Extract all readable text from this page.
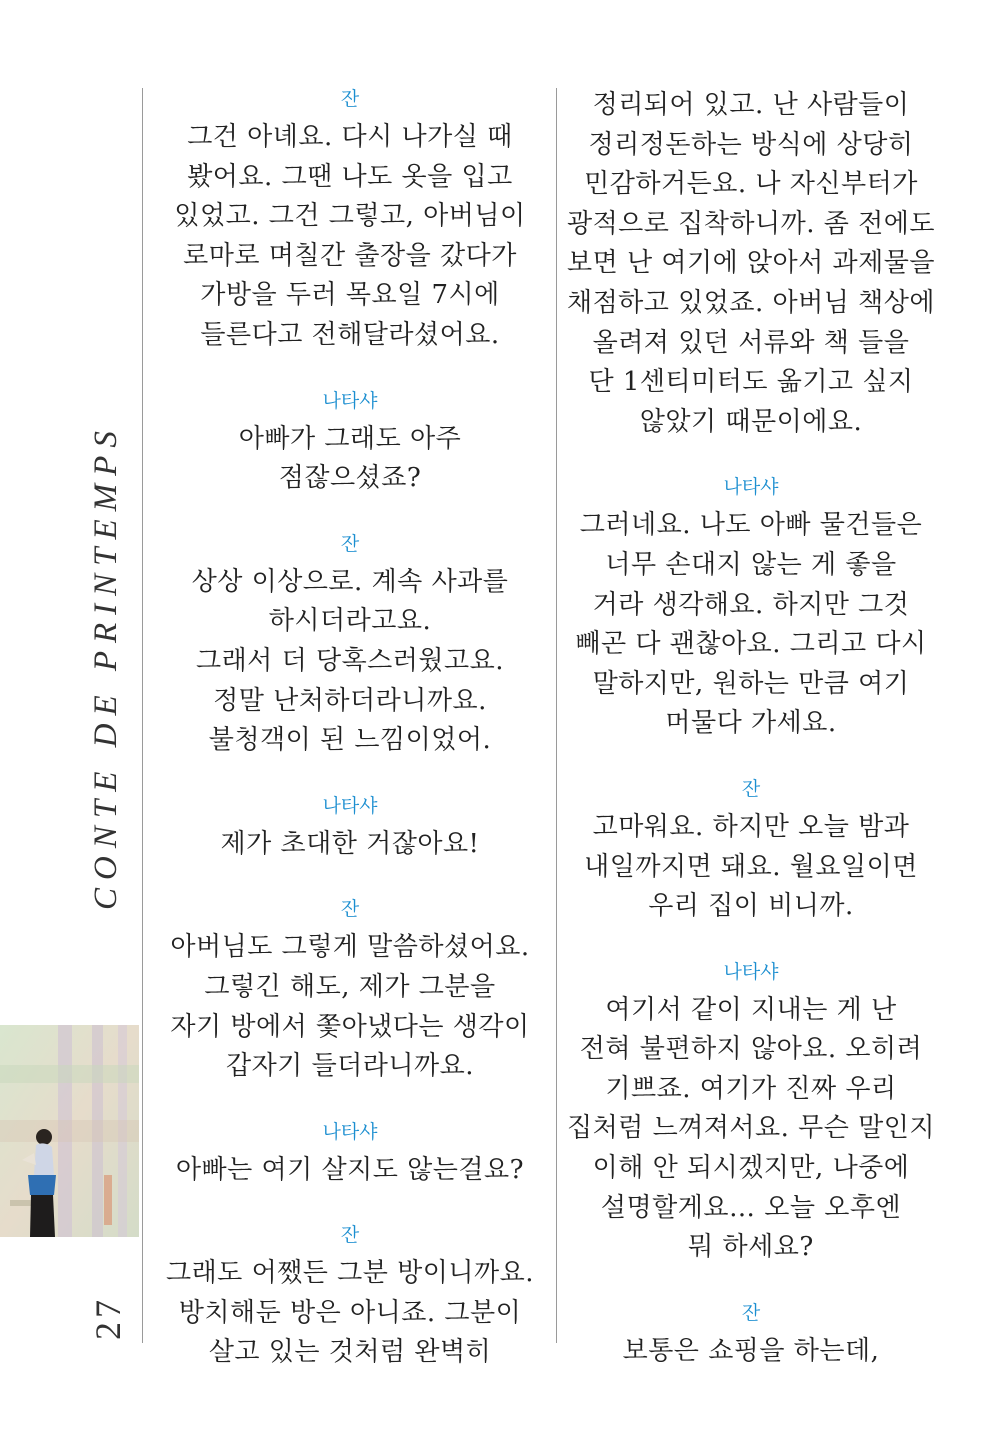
CONTE DE PRINTEMPS
27
잔
그건 아녜요. 다시 나가실 때
봤어요. 그땐 나도 옷을 입고
있었고. 그건 그렇고, 아버님이
로마로 며칠간 출장을 갔다가
가방을 두러 목요일 7시에
들른다고 전해달라셨어요.
나타샤
아빠가 그래도 아주
점잖으셨죠?
잔
상상 이상으로. 계속 사과를
하시더라고요.
그래서 더 당혹스러웠고요.
정말 난처하더라니까요.
불청객이 된 느낌이었어.
나타샤
제가 초대한 거잖아요!
잔
아버님도 그렇게 말씀하셨어요.
그렇긴 해도, 제가 그분을
자기 방에서 쫓아냈다는 생각이
갑자기 들더라니까요.
나타샤
아빠는 여기 살지도 않는걸요?
잔
그래도 어쨌든 그분 방이니까요.
방치해둔 방은 아니죠. 그분이
살고 있는 것처럼 완벽히
정리되어 있고. 난 사람들이
정리정돈하는 방식에 상당히
민감하거든요. 나 자신부터가
광적으로 집착하니까. 좀 전에도
보면 난 여기에 앉아서 과제물을
채점하고 있었죠. 아버님 책상에
올려져 있던 서류와 책 들을
단 1센티미터도 옮기고 싶지
않았기 때문이에요.
나타샤
그러네요. 나도 아빠 물건들은
너무 손대지 않는 게 좋을
거라 생각해요. 하지만 그것
빼곤 다 괜찮아요. 그리고 다시
말하지만, 원하는 만큼 여기
머물다 가세요.
잔
고마워요. 하지만 오늘 밤과
내일까지면 돼요. 월요일이면
우리 집이 비니까.
나타샤
여기서 같이 지내는 게 난
전혀 불편하지 않아요. 오히려
기쁘죠. 여기가 진짜 우리
집처럼 느껴져서요. 무슨 말인지
이해 안 되시겠지만, 나중에
설명할게요… 오늘 오후엔
뭐 하세요?
잔
보통은 쇼핑을 하는데,
